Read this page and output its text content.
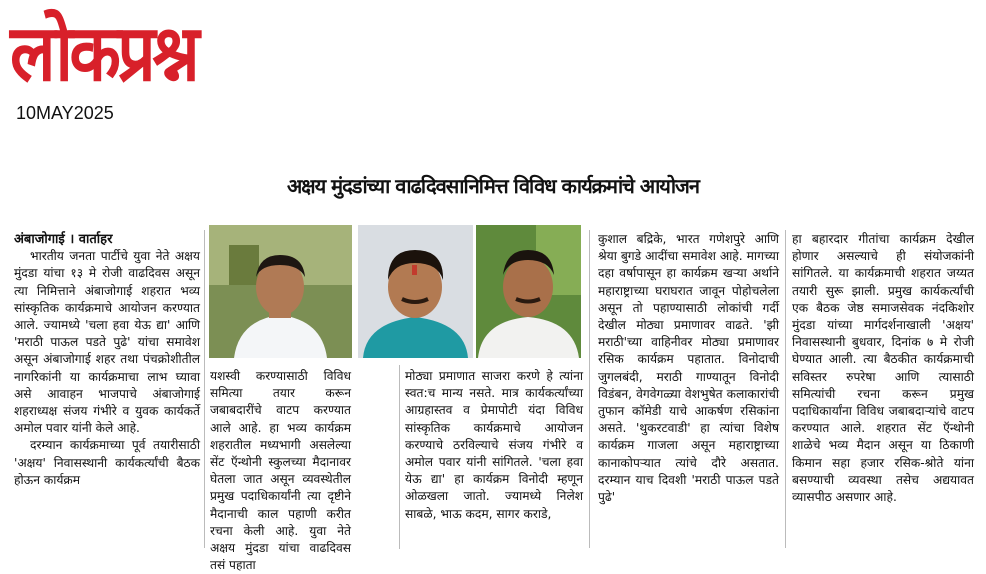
लोकप्रश्न
10MAY2025
अक्षय मुंदडांच्या वाढदिवसानिमित्त विविध कार्यक्रमांचे आयोजन

अंबाजोगाई । वार्ताहर

भारतीय जनता पार्टीचे युवा नेते अक्षय मुंदडा यांचा १३ मे रोजी वाढदिवस असून त्या निमित्ताने अंबाजोगाई शहरात भव्य सांस्कृतिक कार्यक्रमाचे आयोजन करण्यात आले. ज्यामध्ये 'चला हवा येऊ द्या' आणि 'मराठी पाऊल पडते पुढे' यांचा समावेश असून अंबाजोगाई शहर तथा पंचक्रोशीतील नागरिकांनी या कार्यक्रमाचा लाभ घ्यावा असे आवाहन भाजपाचे अंबाजोगाई शहराध्यक्ष संजय गंभीरे व युवक कार्यकर्ते अमोल पवार यांनी केले आहे.

दरम्यान कार्यक्रमाच्या पूर्व तयारीसाठी 'अक्षय' निवासस्थानी कार्यकर्त्यांची बैठक होऊन कार्यक्रम

यशस्वी करण्यासाठी विविध समित्या तयार करून जबाबदारींचे वाटप करण्यात आले आहे. हा भव्य कार्यक्रम शहरातील मध्यभागी असलेल्या सेंट ऍन्थोनी स्कुलच्या मैदानावर घेतला जात असून व्यवस्थेतील प्रमुख पदाधिकार्यांनी त्या दृष्टीने मैदानाची काल पहाणी करीत रचना केली आहे. युवा नेते अक्षय मुंदडा यांचा वाढदिवस तसं पहाता

मोठ्या प्रमाणात साजरा करणे हे त्यांना स्वत:च मान्य नसते. मात्र कार्यकर्त्यांच्या आग्रहास्तव व प्रेमापोटी यंदा विविध सांस्कृतिक कार्यक्रमाचे आयोजन करण्याचे ठरविल्याचे संजय गंभीरे व अमोल पवार यांनी सांगितले. 'चला हवा येऊ द्या' हा कार्यक्रम विनोदी म्हणून ओळखला जातो. ज्यामध्ये निलेश साबळे, भाऊ कदम, सागर कराडे,

कुशाल बद्रिके, भारत गणेशपुरे आणि श्रेया बुगडे आदींचा समावेश आहे. मागच्या दहा वर्षापासून हा कार्यक्रम खर्‍या अर्थाने महाराष्ट्राच्या घराघरात जावून पोहोचलेला असून तो पहाण्यासाठी लोकांची गर्दी देखील मोठ्या प्रमाणावर वाढते. 'झी मराठी'च्या वाहिनीवर मोठ्या प्रमाणावर रसिक कार्यक्रम पहातात. विनोदाची जुगलबंदी, मराठी गाण्यातून विनोदी विडंबन, वेगवेगळ्या वेशभुषेत कलाकारांची तुफान कॉमेडी याचे आकर्षण रसिकांना असते. 'थुकरटवाडी' हा त्यांचा विशेष कार्यक्रम गाजला असून महाराष्ट्राच्या कानाकोपर्‍यात त्यांचे दौरे असतात. दरम्यान याच दिवशी 'मराठी पाऊल पडते पुढे'

हा बहारदार गीतांचा कार्यक्रम देखील होणार असल्याचे ही संयोजकांनी सांगितले. या कार्यक्रमाची शहरात जय्यत तयारी सुरू झाली. प्रमुख कार्यकर्त्यांची एक बैठक जेष्ठ समाजसेवक नंदकिशोर मुंदडा यांच्या मार्गदर्शनाखाली 'अक्षय' निवासस्थानी बुधवार, दिनांक ७ मे रोजी घेण्यात आली. त्या बैठकीत कार्यक्रमाची सविस्तर रुपरेषा आणि त्यासाठी समित्यांची रचना करून प्रमुख पदाधिकार्यांना विविध जबाबदार्‍यांचे वाटप करण्यात आले. शहरात सेंट ऍन्थोनी शाळेचे भव्य मैदान असून या ठिकाणी किमान सहा हजार रसिक-श्रोते यांना बसण्याची व्यवस्था तसेच अद्ययावत व्यासपीठ असणार आहे.
